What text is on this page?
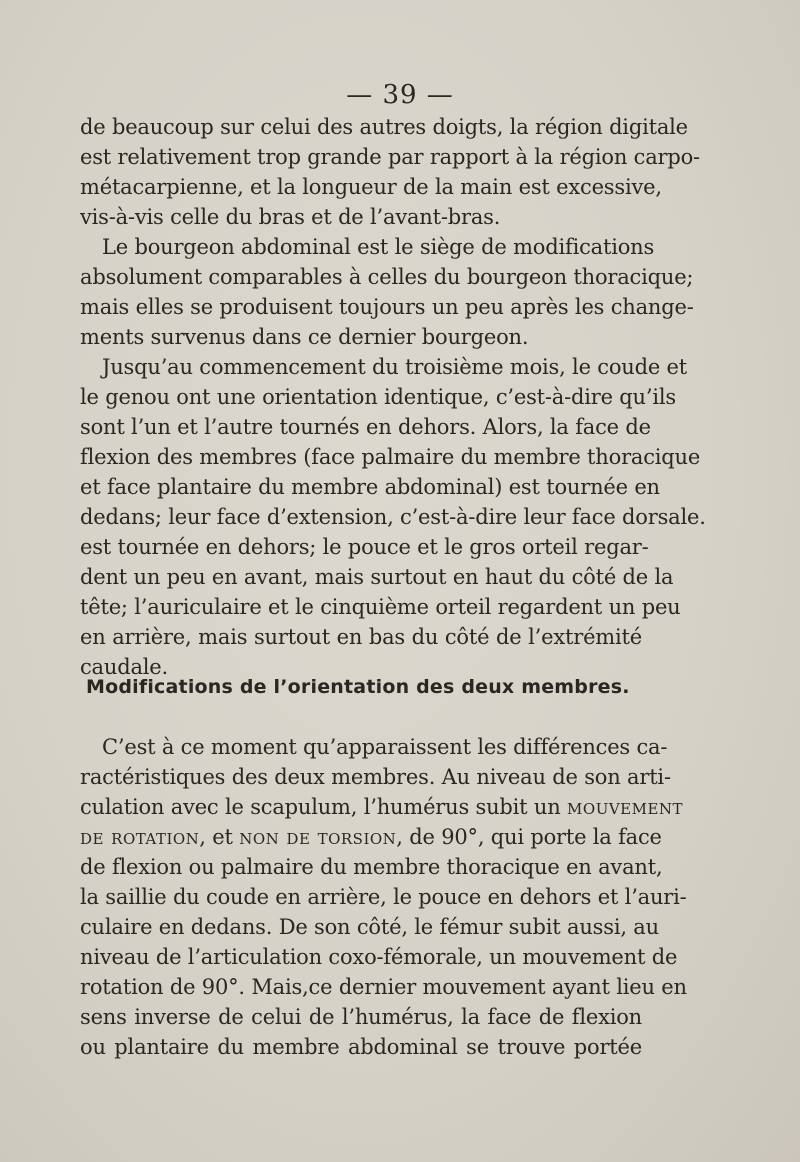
— 39 —
de beaucoup sur celui des autres doigts, la région digitale
est relativement trop grande par rapport à la région carpo-
métacarpienne, et la longueur de la main est excessive,
vis-à-vis celle du bras et de l’avant-bras.
Le bourgeon abdominal est le siège de modifications
absolument comparables à celles du bourgeon thoracique;
mais elles se produisent toujours un peu après les change-
ments survenus dans ce dernier bourgeon.
Jusqu’au commencement du troisième mois, le coude et
le genou ont une orientation identique, c’est-à-dire qu’ils
sont l’un et l’autre tournés en dehors. Alors, la face de
flexion des membres (face palmaire du membre thoracique
et face plantaire du membre abdominal) est tournée en
dedans; leur face d’extension, c’est-à-dire leur face dorsale.
est tournée en dehors; le pouce et le gros orteil regar-
dent un peu en avant, mais surtout en haut du côté de la
tête; l’auriculaire et le cinquième orteil regardent un peu
en arrière, mais surtout en bas du côté de l’extrémité
caudale.
Modifications de l’orientation des deux membres.
C’est à ce moment qu’apparaissent les différences ca-
ractéristiques des deux membres. Au niveau de son arti-
culation avec le scapulum, l’humérus subit un mouvement
de rotation, et non de torsion, de 90°, qui porte la face
de flexion ou palmaire du membre thoracique en avant,
la saillie du coude en arrière, le pouce en dehors et l’auri-
culaire en dedans. De son côté, le fémur subit aussi, au
niveau de l’articulation coxo-fémorale, un mouvement de
rotation de 90°. Mais,ce dernier mouvement ayant lieu en
sens inverse de celui de l’humérus, la face de flexion
ou plantaire du membre abdominal se trouve portée
